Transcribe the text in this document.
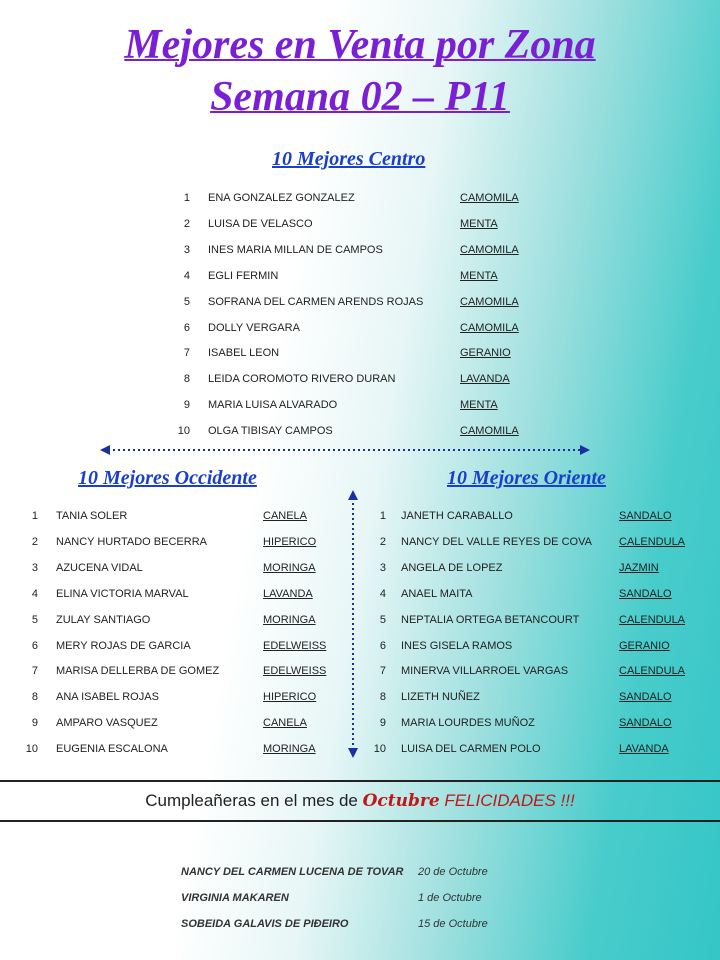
Mejores en Venta por Zona
Semana 02 – P11
10 Mejores Centro
1 ENA GONZALEZ GONZALEZ	CAMOMILA
2 LUISA DE VELASCO	MENTA
3 INES MARIA MILLAN DE CAMPOS	CAMOMILA
4 EGLI FERMIN	MENTA
5 SOFRANA DEL CARMEN ARENDS ROJAS	CAMOMILA
6 DOLLY VERGARA	CAMOMILA
7 ISABEL LEON	GERANIO
8 LEIDA COROMOTO RIVERO DURAN	LAVANDA
9 MARIA LUISA ALVARADO	MENTA
10 OLGA TIBISAY CAMPOS	CAMOMILA
10 Mejores Occidente	10 Mejores Oriente
1 TANIA SOLER	CANELA
2 NANCY HURTADO BECERRA	HIPERICO
3 AZUCENA VIDAL	MORINGA
4 ELINA VICTORIA MARVAL	LAVANDA
5 ZULAY SANTIAGO	MORINGA
6 MERY ROJAS DE GARCIA	EDELWEISS
7 MARISA DELLERBA DE GOMEZ	EDELWEISS
8 ANA ISABEL ROJAS	HIPERICO
9 AMPARO VASQUEZ	CANELA
10 EUGENIA ESCALONA	MORINGA
1 JANETH CARABALLO	SANDALO
2 NANCY DEL VALLE REYES DE COVA CALENDULA
3 ANGELA DE LOPEZ	JAZMIN
4 ANAEL MAITA	SANDALO
5 NEPTALIA ORTEGA BETANCOURT	CALENDULA
6 INES GISELA RAMOS	GERANIO
7 MINERVA VILLARROEL VARGAS	CALENDULA
8 LIZETH NUÑEZ	SANDALO
9 MARIA LOURDES MUÑOZ	SANDALO
10 LUISA DEL CARMEN POLO	LAVANDA
Cumpleañeras en el mes de Octubre FELICIDADES !!!
NANCY DEL CARMEN LUCENA DE TOVAR 20 de Octubre
VIRGINIA MAKAREN	1 de Octubre
SOBEIDA GALAVIS DE PIÐEIRO	15 de Octubre
